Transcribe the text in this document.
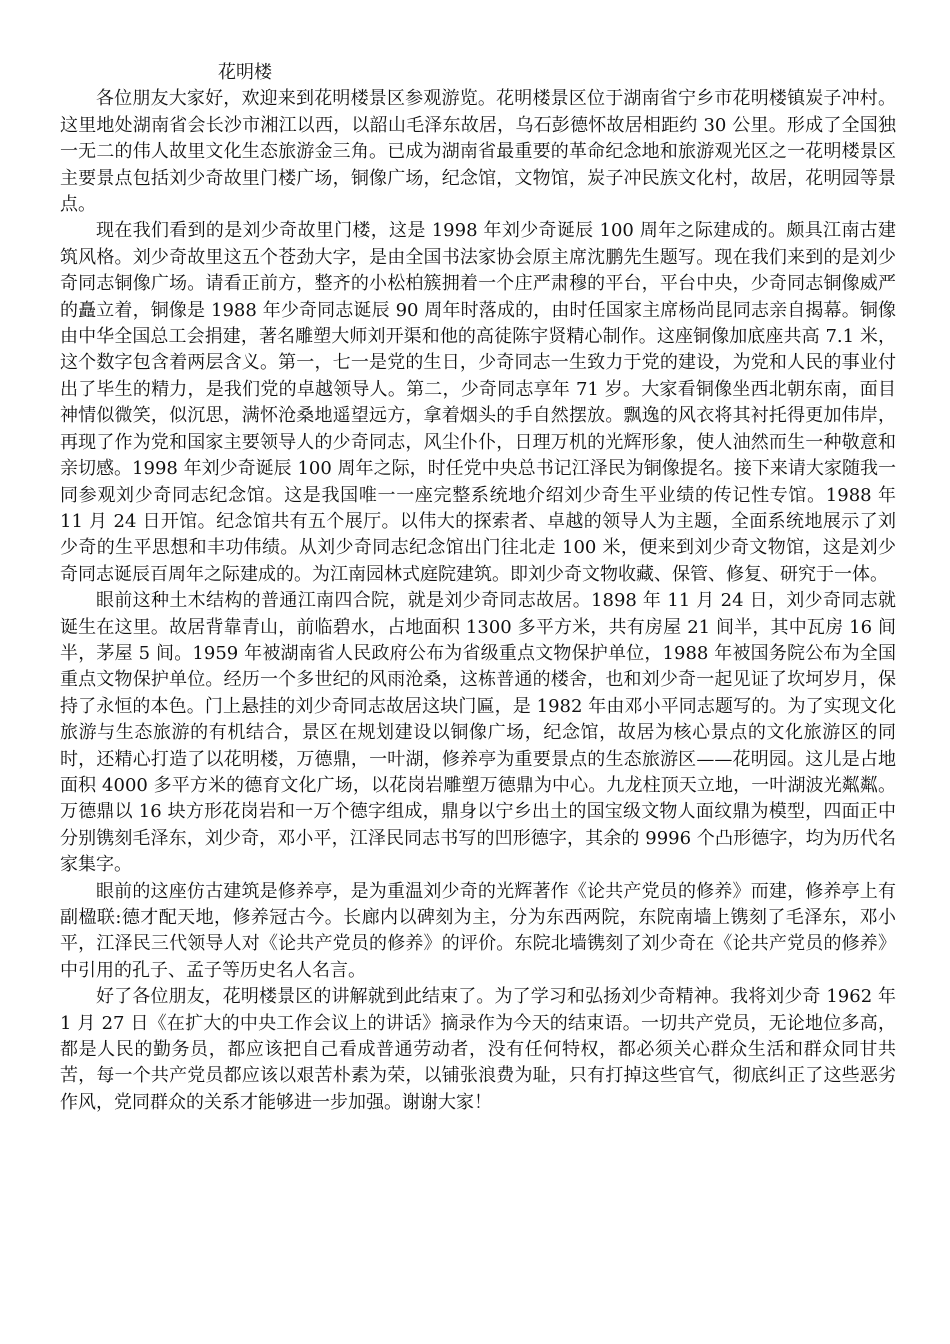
花明楼

各位朋友大家好，欢迎来到花明楼景区参观游览。花明楼景区位于湖南省宁乡市花明楼镇炭子冲村。这里地处湖南省会长沙市湘江以西，以韶山毛泽东故居，乌石彭德怀故居相距约 30 公里。形成了全国独一无二的伟人故里文化生态旅游金三角。已成为湖南省最重要的革命纪念地和旅游观光区之一花明楼景区主要景点包括刘少奇故里门楼广场，铜像广场，纪念馆，文物馆，炭子冲民族文化村，故居，花明园等景点。

现在我们看到的是刘少奇故里门楼，这是 1998 年刘少奇诞辰 100 周年之际建成的。颇具江南古建筑风格。刘少奇故里这五个苍劲大字，是由全国书法家协会原主席沈鹏先生题写。现在我们来到的是刘少奇同志铜像广场。请看正前方，整齐的小松柏簇拥着一个庄严肃穆的平台，平台中央，少奇同志铜像威严的矗立着，铜像是 1988 年少奇同志诞辰 90 周年时落成的，由时任国家主席杨尚昆同志亲自揭幕。铜像由中华全国总工会捐建，著名雕塑大师刘开渠和他的高徒陈宇贤精心制作。这座铜像加底座共高 7.1 米，这个数字包含着两层含义。第一，七一是党的生日，少奇同志一生致力于党的建设，为党和人民的事业付出了毕生的精力，是我们党的卓越领导人。第二，少奇同志享年 71 岁。大家看铜像坐西北朝东南，面目神情似微笑，似沉思，满怀沧桑地遥望远方，拿着烟头的手自然摆放。飘逸的风衣将其衬托得更加伟岸，再现了作为党和国家主要领导人的少奇同志，风尘仆仆，日理万机的光辉形象，使人油然而生一种敬意和亲切感。1998 年刘少奇诞辰 100 周年之际，时任党中央总书记江泽民为铜像提名。接下来请大家随我一同参观刘少奇同志纪念馆。这是我国唯一一座完整系统地介绍刘少奇生平业绩的传记性专馆。1988 年 11 月 24 日开馆。纪念馆共有五个展厅。以伟大的探索者、卓越的领导人为主题，全面系统地展示了刘少奇的生平思想和丰功伟绩。从刘少奇同志纪念馆出门往北走 100 米，便来到刘少奇文物馆，这是刘少奇同志诞辰百周年之际建成的。为江南园林式庭院建筑。即刘少奇文物收藏、保管、修复、研究于一体。

眼前这种土木结构的普通江南四合院，就是刘少奇同志故居。1898 年 11 月 24 日，刘少奇同志就诞生在这里。故居背靠青山，前临碧水，占地面积 1300 多平方米，共有房屋 21 间半，其中瓦房 16 间半，茅屋 5 间。1959 年被湖南省人民政府公布为省级重点文物保护单位，1988 年被国务院公布为全国重点文物保护单位。经历一个多世纪的风雨沧桑，这栋普通的楼舍，也和刘少奇一起见证了坎坷岁月，保持了永恒的本色。门上悬挂的刘少奇同志故居这块门匾，是 1982 年由邓小平同志题写的。为了实现文化旅游与生态旅游的有机结合，景区在规划建设以铜像广场，纪念馆，故居为核心景点的文化旅游区的同时，还精心打造了以花明楼，万德鼎，一叶湖，修养亭为重要景点的生态旅游区——花明园。这儿是占地面积 4000 多平方米的德育文化广场，以花岗岩雕塑万德鼎为中心。九龙柱顶天立地，一叶湖波光粼粼。万德鼎以 16 块方形花岗岩和一万个德字组成，鼎身以宁乡出土的国宝级文物人面纹鼎为模型，四面正中分别镌刻毛泽东，刘少奇，邓小平，江泽民同志书写的凹形德字，其余的 9996 个凸形德字，均为历代名家集字。

眼前的这座仿古建筑是修养亭，是为重温刘少奇的光辉著作《论共产党员的修养》而建，修养亭上有副楹联:德才配天地，修养冠古今。长廊内以碑刻为主，分为东西两院，东院南墙上镌刻了毛泽东，邓小平，江泽民三代领导人对《论共产党员的修养》的评价。东院北墙镌刻了刘少奇在《论共产党员的修养》中引用的孔子、孟子等历史名人名言。

好了各位朋友，花明楼景区的讲解就到此结束了。为了学习和弘扬刘少奇精神。我将刘少奇 1962 年 1 月 27 日《在扩大的中央工作会议上的讲话》摘录作为今天的结束语。一切共产党员，无论地位多高，都是人民的勤务员，都应该把自己看成普通劳动者，没有任何特权，都必须关心群众生活和群众同甘共苦，每一个共产党员都应该以艰苦朴素为荣，以铺张浪费为耻，只有打掉这些官气，彻底纠正了这些恶劣作风，党同群众的关系才能够进一步加强。谢谢大家！
